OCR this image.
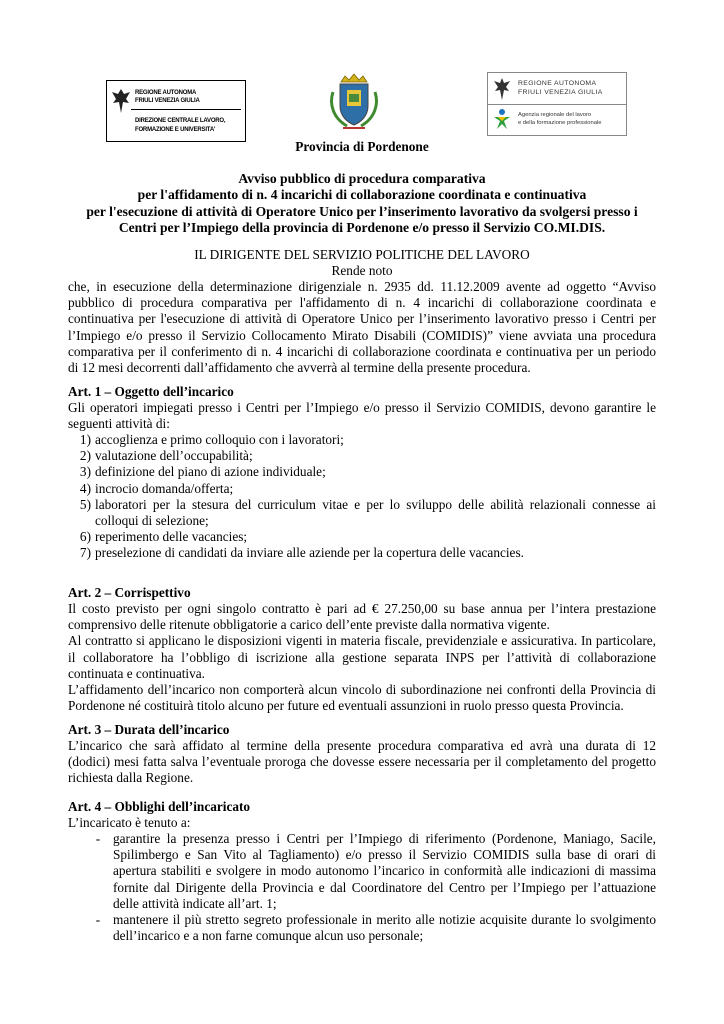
REGIONE AUTONOMA
FRIULI VENEZIA GIULIA
DIREZIONE CENTRALE LAVORO,
FORMAZIONE E UNIVERSITA'
Provincia di Pordenone
REGIONE AUTONOMA
FRIULI VENEZIA GIULIA
Agenzia regionale del lavoro
e della formazione professionale
Avviso pubblico di procedura comparativa
per l'affidamento di n. 4 incarichi di collaborazione coordinata e continuativa
per l'esecuzione di attività di Operatore Unico per l’inserimento lavorativo da svolgersi presso i
Centri per l’Impiego della provincia di Pordenone e/o presso il Servizio CO.MI.DIS.
IL DIRIGENTE DEL SERVIZIO POLITICHE DEL LAVORO
Rende noto
che, in esecuzione della determinazione dirigenziale n. 2935 dd. 11.12.2009 avente ad oggetto “Avviso
pubblico di procedura comparativa per l'affidamento di n. 4 incarichi di collaborazione coordinata e
continuativa per l'esecuzione di attività di Operatore Unico per l’inserimento lavorativo presso i Centri per
l’Impiego e/o presso il Servizio Collocamento Mirato Disabili (COMIDIS)” viene avviata una procedura
comparativa per il conferimento di n. 4 incarichi di collaborazione coordinata e continuativa per un periodo
di 12 mesi decorrenti dall’affidamento che avverrà al termine della presente procedura.
Art. 1 – Oggetto dell’incarico
Gli operatori impiegati presso i Centri per l’Impiego e/o presso il Servizio COMIDIS, devono garantire le
seguenti attività di:
1) accoglienza e primo colloquio con i lavoratori;
2) valutazione dell’occupabilità;
3) definizione del piano di azione individuale;
4) incrocio domanda/offerta;
5) laboratori per la stesura del curriculum vitae e per lo sviluppo delle abilità relazionali connesse ai
colloqui di selezione;
6) reperimento delle vacancies;
7) preselezione di candidati da inviare alle aziende per la copertura delle vacancies.
Art. 2 – Corrispettivo
Il costo previsto per ogni singolo contratto è pari ad € 27.250,00 su base annua per l’intera prestazione
comprensivo delle ritenute obbligatorie a carico dell’ente previste dalla normativa vigente.
Al contratto si applicano le disposizioni vigenti in materia fiscale, previdenziale e assicurativa. In particolare,
il collaboratore ha l’obbligo di iscrizione alla gestione separata INPS per l’attività di collaborazione
continuata e continuativa.
L’affidamento dell’incarico non comporterà alcun vincolo di subordinazione nei confronti della Provincia di
Pordenone né costituirà titolo alcuno per future ed eventuali assunzioni in ruolo presso questa Provincia.
Art. 3 – Durata dell’incarico
L’incarico che sarà affidato al termine della presente procedura comparativa ed avrà una durata di 12
(dodici) mesi fatta salva l’eventuale proroga che dovesse essere necessaria per il completamento del progetto
richiesta dalla Regione.
Art. 4 – Obblighi dell’incaricato
L’incaricato è tenuto a:
- garantire la presenza presso i Centri per l’Impiego di riferimento (Pordenone, Maniago, Sacile,
Spilimbergo e San Vito al Tagliamento) e/o presso il Servizio COMIDIS sulla base di orari di
apertura stabiliti e svolgere in modo autonomo l’incarico in conformità alle indicazioni di massima
fornite dal Dirigente della Provincia e dal Coordinatore del Centro per l’Impiego per l’attuazione
delle attività indicate all’art. 1;
- mantenere il più stretto segreto professionale in merito alle notizie acquisite durante lo svolgimento
dell’incarico e a non farne comunque alcun uso personale;
